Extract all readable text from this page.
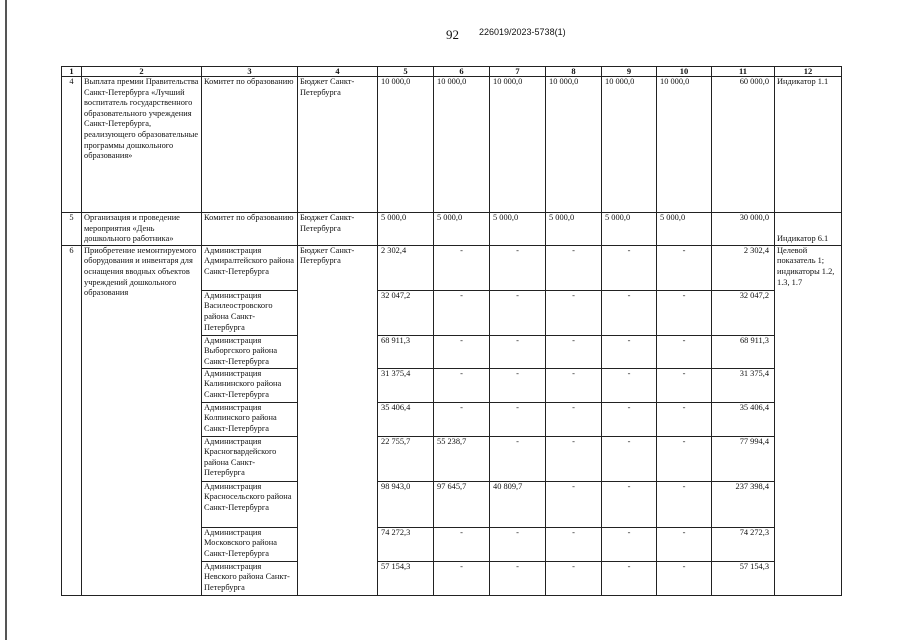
92 226019/2023-5738(1)
1	2	3	4	5	6	7	8	9	10	11	12
4	Выплата премии Правительства Санкт-Петербурга «Лучший воспитатель государственного образовательного учреждения Санкт-Петербурга, реализующего образовательные программы дошкольного образования»	Комитет по образованию	Бюджет Санкт-Петербурга	10 000,0	10 000,0	10 000,0	10 000,0	10 000,0	10 000,0	60 000,0	Индикатор 1.1
5	Организация и проведение мероприятия «День дошкольного работника»	Комитет по образованию	Бюджет Санкт-Петербурга	5 000,0	5 000,0	5 000,0	5 000,0	5 000,0	5 000,0	30 000,0	Индикатор 6.1
6	Приобретение немонтируемого оборудования и инвентаря для оснащения вводных объектов учреждений дошкольного образования	Администрация Адмиралтейского района Санкт-Петербурга	Бюджет Санкт-Петербурга	2 302,4	-	-	-	-	-	2 302,4	Целевой показатель 1; индикаторы 1.2, 1.3, 1.7
		Администрация Василеостровского района Санкт-Петербурга		32 047,2	-	-	-	-	-	32 047,2	
		Администрация Выборгского района Санкт-Петербурга		68 911,3	-	-	-	-	-	68 911,3	
		Администрация Калининского района Санкт-Петербурга		31 375,4	-	-	-	-	-	31 375,4	
		Администрация Колпинского района Санкт-Петербурга		35 406,4	-	-	-	-	-	35 406,4	
		Администрация Красногвардейского района Санкт-Петербурга		22 755,7	55 238,7	-	-	-	-	77 994,4	
		Администрация Красносельского района Санкт-Петербурга		98 943,0	97 645,7	40 809,7	-	-	-	237 398,4	
		Администрация Московского района Санкт-Петербурга		74 272,3	-	-	-	-	-	74 272,3	
		Администрация Невского района Санкт-Петербурга		57 154,3	-	-	-	-	-	57 154,3	
